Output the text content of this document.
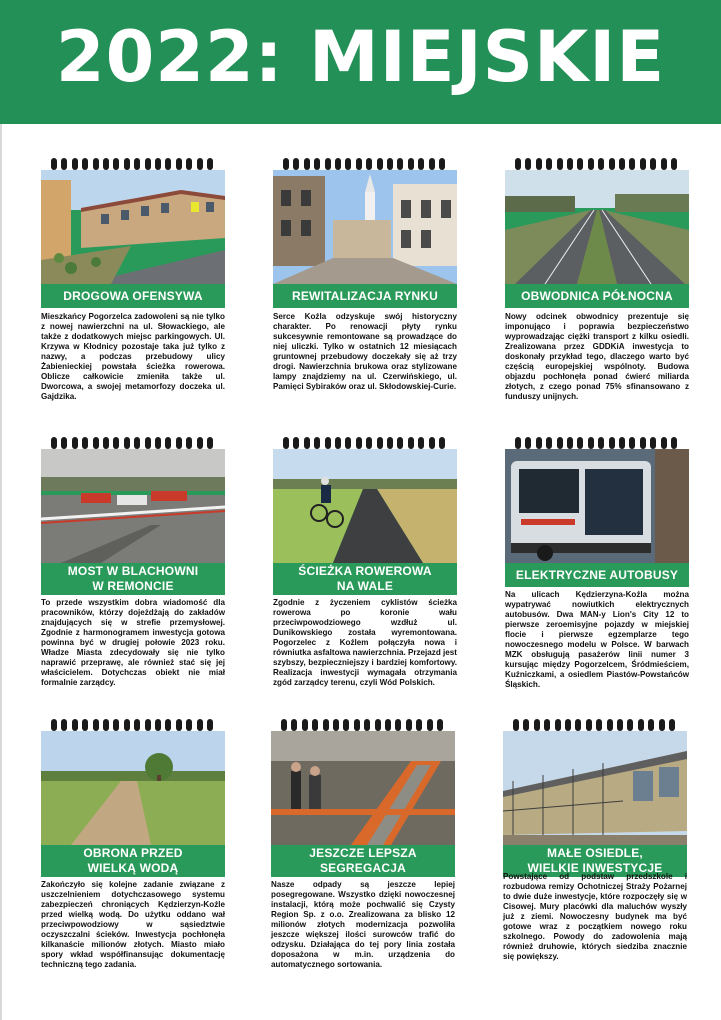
2022: MIEJSKIE
DROGOWA OFENSYWA
Mieszkańcy Pogorzelca zadowoleni są nie tylko z nowej nawierzchni na ul. Słowackiego, ale także z dodatkowych miejsc parkingowych. Ul. Krzywa w Kłodnicy pozostaje taka już tylko z nazwy, a podczas przebudowy ulicy Żabienieckiej powstała ścieżka rowerowa. Oblicze całkowicie zmieniła także ul. Dworcowa, a swojej metamorfozy doczeka ul. Gajdzika.
REWITALIZACJA RYNKU
Serce Koźla odzyskuje swój historyczny charakter. Po renowacji płyty rynku sukcesywnie remontowane są prowadzące do niej uliczki. Tylko w ostatnich 12 miesiącach gruntownej przebudowy doczekały się aż trzy drogi. Nawierzchnia brukowa oraz stylizowane lampy znajdziemy na ul. Czerwińskiego, ul. Pamięci Sybiraków oraz ul. Skłodowskiej-Curie.
OBWODNICA PÓŁNOCNA
Nowy odcinek obwodnicy prezentuje się imponująco i poprawia bezpieczeństwo wyprowadzając ciężki transport z kilku osiedli. Zrealizowana przez GDDKiA inwestycja to doskonały przykład tego, dlaczego warto być częścią europejskiej wspólnoty. Budowa objazdu pochłonęła ponad ćwierć miliarda złotych, z czego ponad 75% sfinansowano z funduszy unijnych.
MOST W BLACHOWNI
W REMONCIE
To przede wszystkim dobra wiadomość dla pracowników, którzy dojeżdżają do zakładów znajdujących się w strefie przemysłowej. Zgodnie z harmonogramem inwestycja gotowa powinna być w drugiej połowie 2023 roku. Władze Miasta zdecydowały się nie tylko naprawić przeprawę, ale również stać się jej właścicielem. Dotychczas obiekt nie miał formalnie zarządcy.
ŚCIEŻKA ROWEROWA
NA WALE
Zgodnie z życzeniem cyklistów ścieżka rowerowa po koronie wału przeciwpowodziowego wzdłuż ul. Dunikowskiego została wyremontowana. Pogorzelec z Koźlem połączyła nowa i równiutka asfaltowa nawierzchnia. Przejazd jest szybszy, bezpieczniejszy i bardziej komfortowy. Realizacja inwestycji wymagała otrzymania zgód zarządcy terenu, czyli Wód Polskich.
ELEKTRYCZNE AUTOBUSY
Na ulicach Kędzierzyna-Koźla można wypatrywać nowiutkich elektrycznych autobusów. Dwa MAN-y Lion's City 12 to pierwsze zeroemisyjne pojazdy w miejskiej flocie i pierwsze egzemplarze tego nowoczesnego modelu w Polsce. W barwach MZK obsługują pasażerów linii numer 3 kursując między Pogorzelcem, Śródmieściem, Kuźniczkami, a osiedlem Piastów-Powstańców Śląskich.
OBRONA PRZED
WIELKĄ WODĄ
Zakończyło się kolejne zadanie związane z uszczelnieniem dotychczasowego systemu zabezpieczeń chroniących Kędzierzyn-Koźle przed wielką wodą. Do użytku oddano wał przeciwpowodziowy w sąsiedztwie oczyszczalni ścieków. Inwestycja pochłonęła kilkanaście milionów złotych. Miasto miało spory wkład współfinansując dokumentację techniczną tego zadania.
JESZCZE LEPSZA
SEGREGACJA
Nasze odpady są jeszcze lepiej posegregowane. Wszystko dzięki nowoczesnej instalacji, którą może pochwalić się Czysty Region Sp. z o.o. Zrealizowana za blisko 12 milionów złotych modernizacja pozwoliła jeszcze większej ilości surowców trafić do odzysku. Działająca do tej pory linia została doposażona w m.in. urządzenia do automatycznego sortowania.
MAŁE OSIEDLE,
WIELKIE INWESTYCJE
Powstające od podstaw przedszkole i rozbudowa remizy Ochotniczej Straży Pożarnej to dwie duże inwestycje, które rozpoczęły się w Cisowej. Mury placówki dla maluchów wyszły już z ziemi. Nowoczesny budynek ma być gotowe wraz z początkiem nowego roku szkolnego. Powody do zadowolenia mają również druhowie, których siedziba znacznie się powiększy.
